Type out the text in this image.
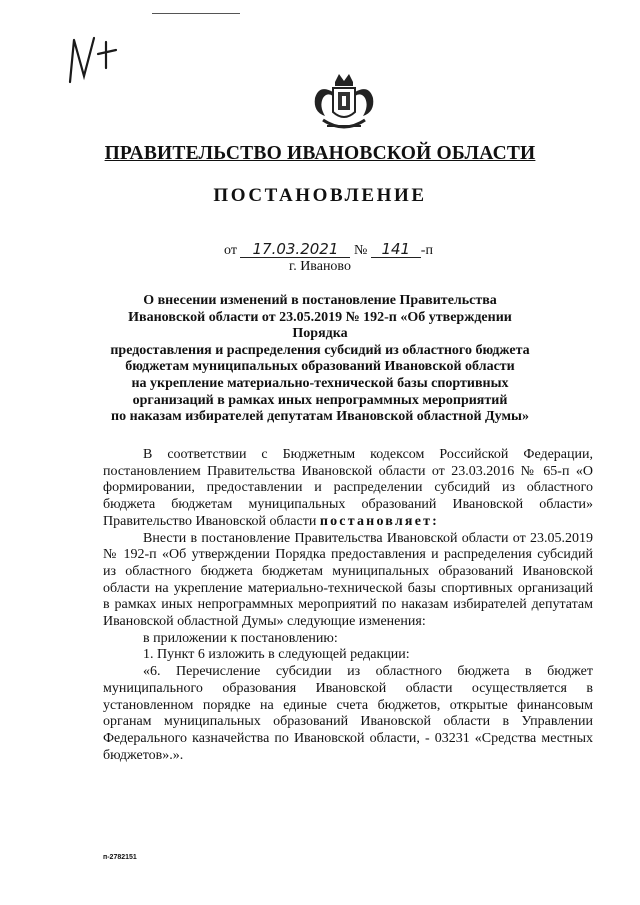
ПРАВИТЕЛЬСТВО ИВАНОВСКОЙ ОБЛАСТИ
ПОСТАНОВЛЕНИЕ
от 17.03.2021 № 141 -п
г. Иваново
О внесении изменений в постановление Правительства
Ивановской области от 23.05.2019 № 192-п «Об утверждении Порядка
предоставления и распределения субсидий из областного бюджета
бюджетам муниципальных образований Ивановской области
на укрепление материально-технической базы спортивных
организаций в рамках иных непрограммных мероприятий
по наказам избирателей депутатам Ивановской областной Думы»

В соответствии с Бюджетным кодексом Российской Федерации, постановлением Правительства Ивановской области от 23.03.2016 № 65-п «О формировании, предоставлении и распределении субсидий из областного бюджета бюджетам муниципальных образований Ивановской области» Правительство Ивановской области постановляет:

Внести в постановление Правительства Ивановской области от 23.05.2019 № 192-п «Об утверждении Порядка предоставления и распределения субсидий из областного бюджета бюджетам муниципальных образований Ивановской области на укрепление материально-технической базы спортивных организаций в рамках иных непрограммных мероприятий по наказам избирателей депутатам Ивановской областной Думы» следующие изменения:

в приложении к постановлению:

1. Пункт 6 изложить в следующей редакции:

«6. Перечисление субсидии из областного бюджета в бюджет муниципального образования Ивановской области осуществляется в установленном порядке на единые счета бюджетов, открытые финансовым органам муниципальных образований Ивановской области в Управлении Федерального казначейства по Ивановской области, - 03231 «Средства местных бюджетов».».

п-2782151
